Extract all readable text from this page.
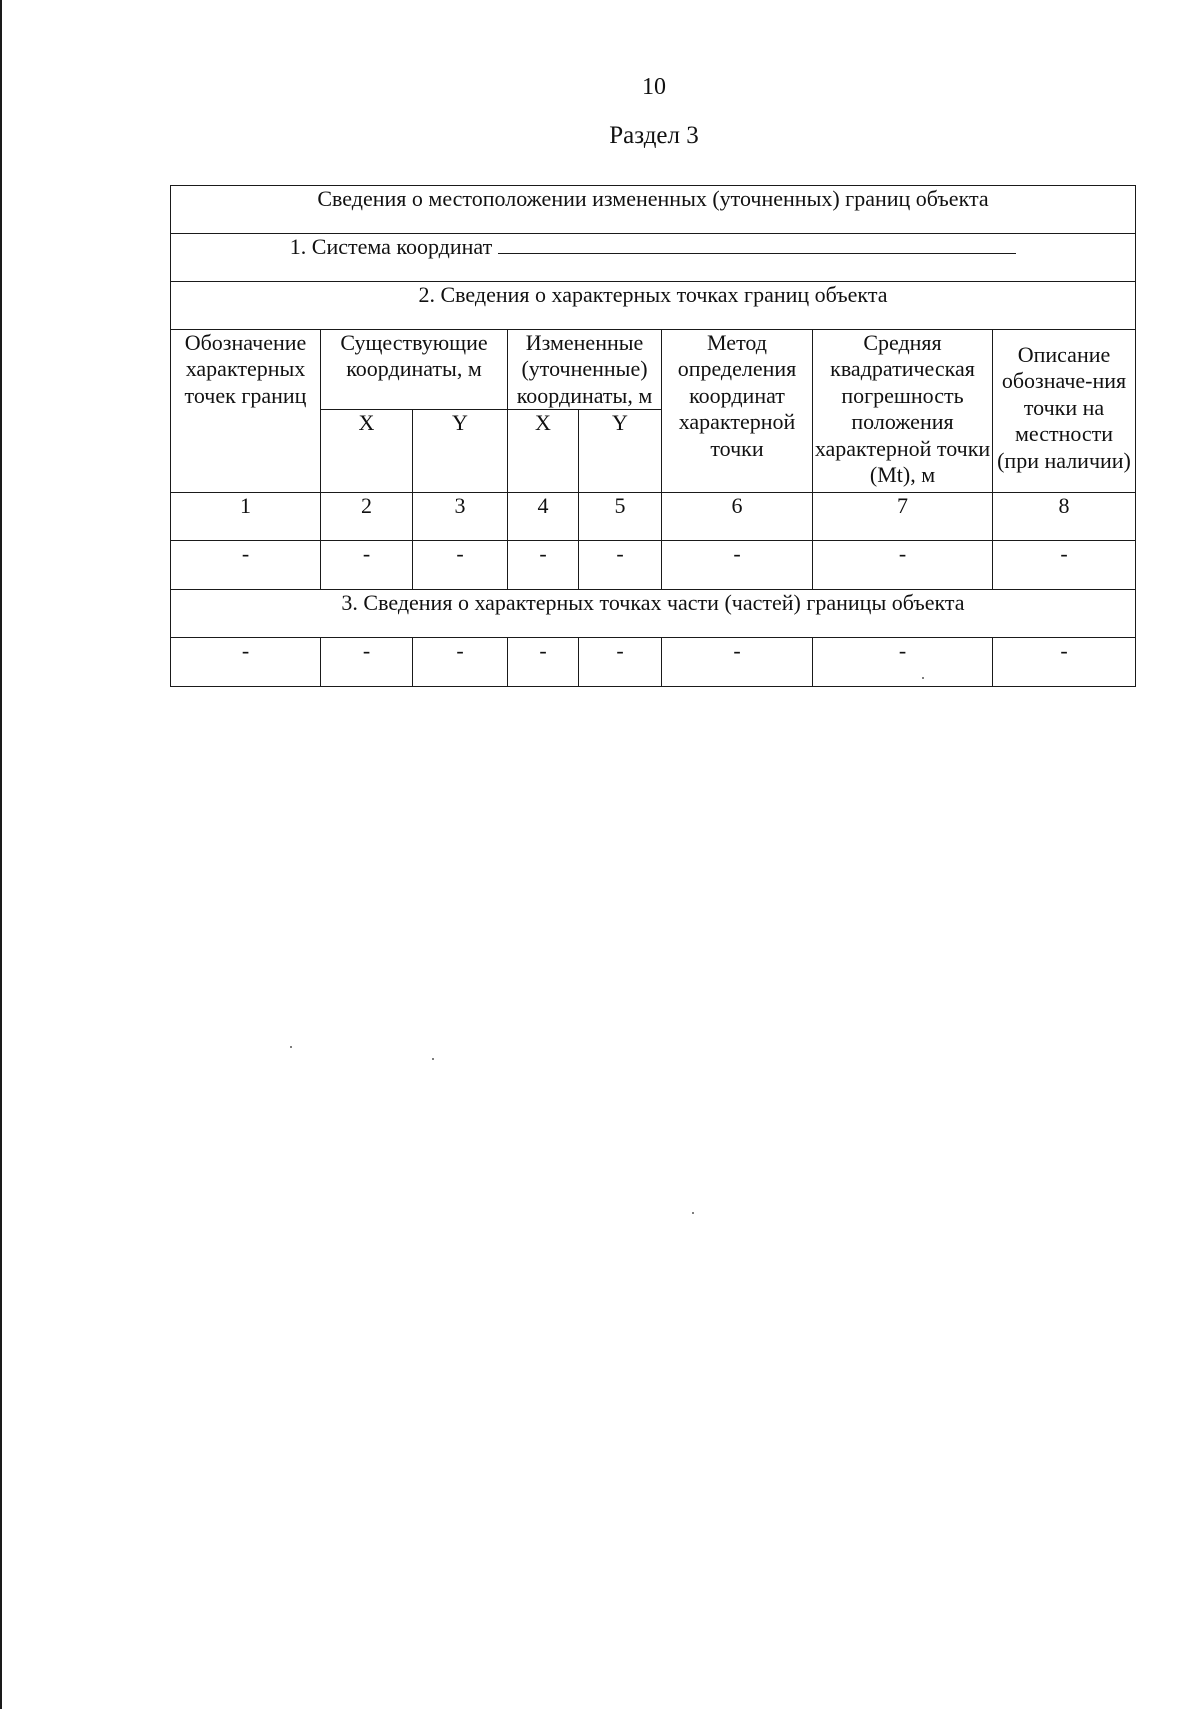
10
Раздел 3
Сведения о местоположении измененных (уточненных) границ объекта							
1. Система координат							
2. Сведения о характерных точках границ объекта							
Обозначение характерных точек границ	Существующие координаты, м		Измененные (уточненные) координаты, м		Метод определения координат характерной точки	Средняя квадратическая погрешность положения характерной точки (Mt), м	Описание обозначе-ния точки на местности (при наличии)
	X	Y	X	Y			
1	2	3	4	5	6	7	8
-	-	-	-	-	-	-	-
3. Сведения о характерных точках части (частей) границы объекта							
-	-	-	-	-	-	-	-
